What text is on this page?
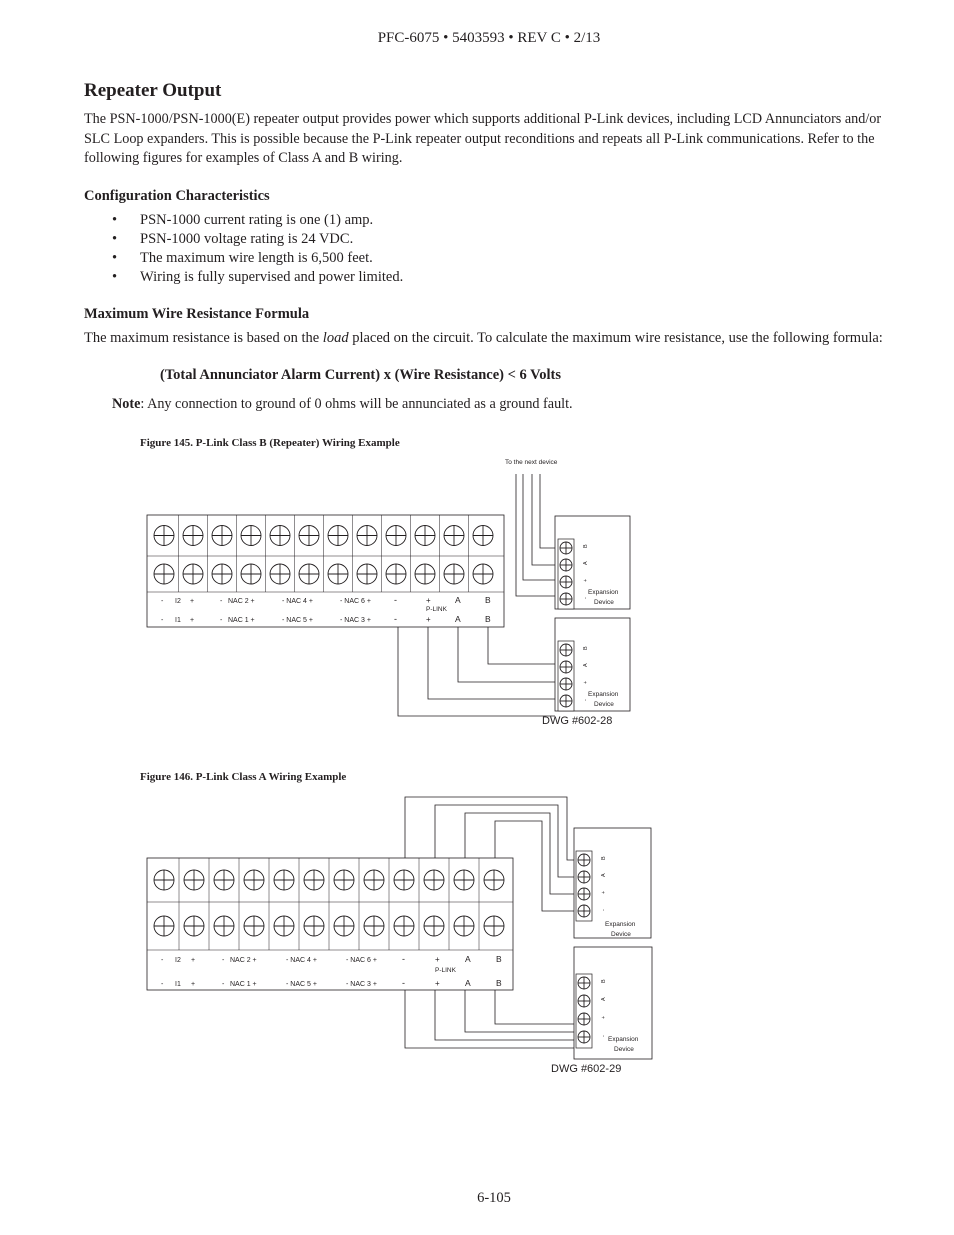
PFC-6075 • 5403593 • REV C • 2/13
Repeater Output
The PSN-1000/PSN-1000(E) repeater output provides power which supports additional P-Link devices, including LCD Annunciators and/or SLC Loop expanders. This is possible because the P-Link repeater output reconditions and repeats all P-Link communications. Refer to the following figures for examples of Class A and B wiring.
Configuration Characteristics
• PSN-1000 current rating is one (1) amp.
• PSN-1000 voltage rating is 24 VDC.
• The maximum wire length is 6,500 feet.
• Wiring is fully supervised and power limited.
Maximum Wire Resistance Formula
The maximum resistance is based on the load placed on the circuit. To calculate the maximum wire resistance, use the following formula:
(Total Annunciator Alarm Current) x (Wire Resistance) < 6 Volts
Note: Any connection to ground of 0 ohms will be annunciated as a ground fault.
Figure 145. P-Link Class B (Repeater) Wiring Example
To the next device
- I2 +	- NAC 2 +	- NAC 4 +	- NAC 6 +	-	+	A	B
- I1 +	- NAC 1 +	- NAC 5 +	- NAC 3 +	-	+	A	B
P-LINK
B
A
+
-
Expansion
Device
B
A
+
-
Expansion
Device
DWG #602-28
Figure 146. P-Link Class A Wiring Example
- I2 +	- NAC 2 +	- NAC 4 +	- NAC 6 +	-	+	A	B
- I1 +	- NAC 1 +	- NAC 5 +	- NAC 3 +	-	+	A	B
P-LINK
B
A
+
-
Expansion
Device
B
A
+
- Expansion
Device
DWG #602-29
6-105
